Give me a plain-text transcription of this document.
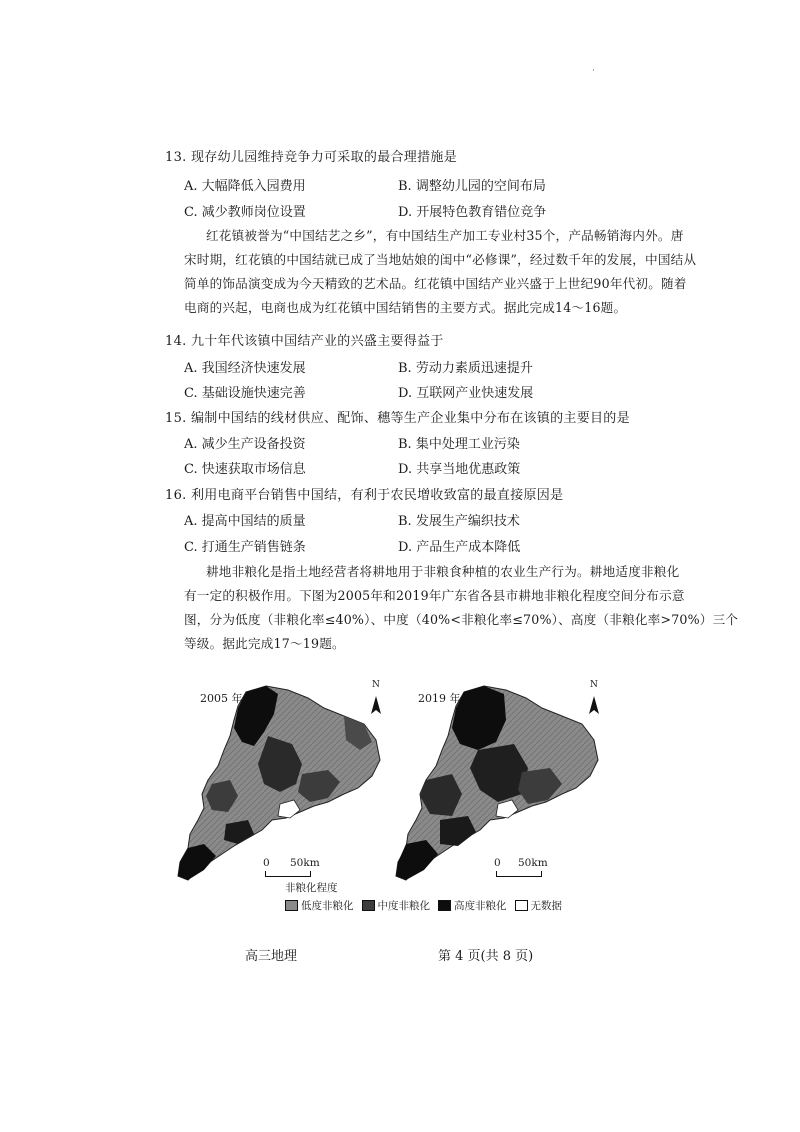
·
13. 现存幼儿园维持竞争力可采取的最合理措施是
A. 大幅降低入园费用	B. 调整幼儿园的空间布局
C. 减少教师岗位设置	D. 开展特色教育错位竞争
红花镇被誉为“中国结艺之乡”，有中国结生产加工专业村35个，产品畅销海内外。唐
宋时期，红花镇的中国结就已成了当地姑娘的闺中“必修课”，经过数千年的发展，中国结从
简单的饰品演变成为今天精致的艺术品。红花镇中国结产业兴盛于上世纪90年代初。随着
电商的兴起，电商也成为红花镇中国结销售的主要方式。据此完成14～16题。
14. 九十年代该镇中国结产业的兴盛主要得益于
A. 我国经济快速发展	B. 劳动力素质迅速提升
C. 基础设施快速完善	D. 互联网产业快速发展
15. 编制中国结的线材供应、配饰、穗等生产企业集中分布在该镇的主要目的是
A. 减少生产设备投资	B. 集中处理工业污染
C. 快速获取市场信息	D. 共享当地优惠政策
16. 利用电商平台销售中国结，有利于农民增收致富的最直接原因是
A. 提高中国结的质量	B. 发展生产编织技术
C. 打通生产销售链条	D. 产品生产成本降低
耕地非粮化是指土地经营者将耕地用于非粮食种植的农业生产行为。耕地适度非粮化
有一定的积极作用。下图为2005年和2019年广东省各县市耕地非粮化程度空间分布示意
图，分为低度（非粮化率≤40%）、中度（40%<非粮化率≤70%）、高度（非粮化率>70%）三个
等级。据此完成17～19题。
2005 年	2019 年
N	N
0 50km	0 50km
非粮化程度
低度非粮化 中度非粮化 高度非粮化 无数据
高三地理	第 4 页(共 8 页)
